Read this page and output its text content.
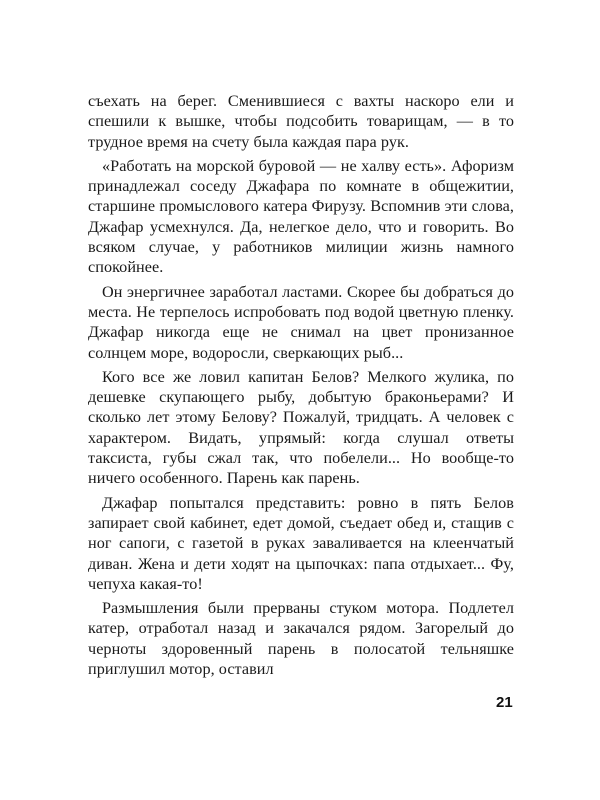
съехать на берег. Сменившиеся с вахты наскоро ели и спешили к вышке, чтобы подсобить товарищам, — в то трудное время на счету была каждая пара рук.

«Работать на морской буровой — не халву есть». Афоризм принадлежал соседу Джафара по комнате в общежитии, старшине промыслового катера Фирузу. Вспомнив эти слова, Джафар усмехнулся. Да, нелегкое дело, что и говорить. Во всяком случае, у работников милиции жизнь намного спокойнее.

Он энергичнее заработал ластами. Скорее бы добраться до места. Не терпелось испробовать под водой цветную пленку. Джафар никогда еще не снимал на цвет пронизанное солнцем море, водоросли, сверкающих рыб...

Кого все же ловил капитан Белов? Мелкого жулика, по дешевке скупающего рыбу, добытую браконьерами? И сколько лет этому Белову? Пожалуй, тридцать. А человек с характером. Видать, упрямый: когда слушал ответы таксиста, губы сжал так, что побелели... Но вообще-то ничего особенного. Парень как парень.

Джафар попытался представить: ровно в пять Белов запирает свой кабинет, едет домой, съедает обед и, стащив с ног сапоги, с газетой в руках заваливается на клеенчатый диван. Жена и дети ходят на цыпочках: папа отдыхает... Фу, чепуха какая-то!

Размышления были прерваны стуком мотора. Подлетел катер, отработал назад и закачался рядом. Загорелый до черноты здоровенный парень в полосатой тельняшке приглушил мотор, оставил

21
